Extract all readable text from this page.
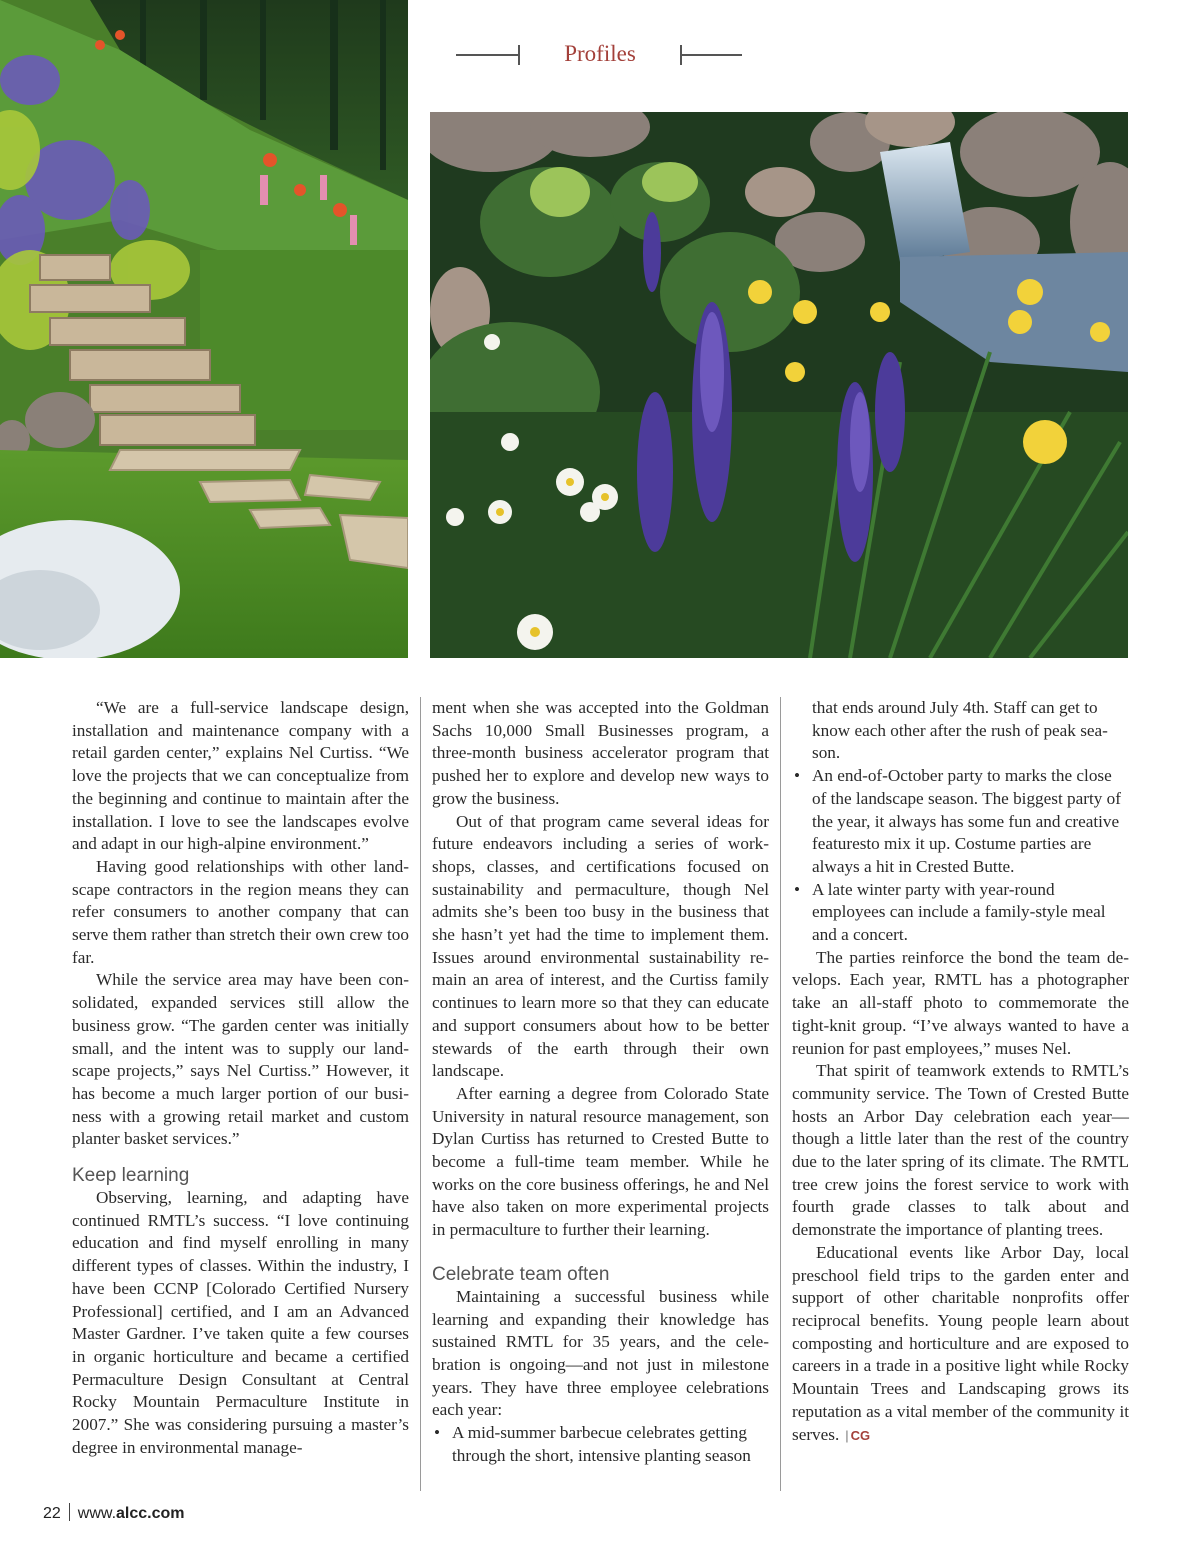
Profiles

“We are a full-service landscape design, installation and maintenance company with a retail garden center,” explains Nel Curtiss. “We love the projects that we can conceptualize from the beginning and continue to maintain after the installation. I love to see the landscapes evolve and adapt in our high-alpine environment.”

Having good relationships with other landscape contractors in the region means they can refer consumers to another company that can serve them rather than stretch their own crew too far.

While the service area may have been consolidated, expanded services still allow the business grow. “The garden center was initially small, and the intent was to supply our landscape projects,” says Nel Curtiss.” However, it has become a much larger portion of our business with a growing retail market and custom planter basket services.”

Keep learning

Observing, learning, and adapting have continued RMTL’s success. “I love continuing education and find myself enrolling in many different types of classes. Within the industry, I have been CCNP [Colorado Certified Nursery Professional] certified, and I am an Advanced Master Gardner. I’ve taken quite a few courses in organic horticulture and became a certified Permaculture Design Consultant at Central Rocky Mountain Permaculture Institute in 2007.” She was considering pursuing a master’s degree in environmental manage-

ment when she was accepted into the Goldman Sachs 10,000 Small Businesses program, a three-month business accelerator program that pushed her to explore and develop new ways to grow the business.

Out of that program came several ideas for future endeavors including a series of workshops, classes, and certifications focused on sustainability and permaculture, though Nel admits she’s been too busy in the business that she hasn’t yet had the time to implement them. Issues around environmental sustainability remain an area of interest, and the Curtiss family continues to learn more so that they can educate and support consumers about how to be better stewards of the earth through their own landscape.

After earning a degree from Colorado State University in natural resource management, son Dylan Curtiss has returned to Crested Butte to become a full-time team member. While he works on the core business offerings, he and Nel have also taken on more experimental projects in permaculture to further their learning.

Celebrate team often

Maintaining a successful business while learning and expanding their knowledge has sustained RMTL for 35 years, and the celebration is ongoing—and not just in milestone years. They have three employee celebrations each year:

• A mid-summer barbecue celebrates getting through the short, intensive planting season
that ends around July 4th. Staff can get to know each other after the rush of peak season.
• An end-of-October party to marks the close of the landscape season. The biggest party of the year, it always has some fun and creative featuresto mix it up. Costume parties are always a hit in Crested Butte.
• A late winter party with year-round employees can include a family-style meal and a concert.

The parties reinforce the bond the team develops. Each year, RMTL has a photographer take an all-staff photo to commemorate the tight-knit group. “I’ve always wanted to have a reunion for past employees,” muses Nel.

That spirit of teamwork extends to RMTL’s community service. The Town of Crested Butte hosts an Arbor Day celebration each year—though a little later than the rest of the country due to the later spring of its climate. The RMTL tree crew joins the forest service to work with fourth grade classes to talk about and demonstrate the importance of planting trees.

Educational events like Arbor Day, local preschool field trips to the garden enter and support of other charitable nonprofits offer reciprocal benefits. Young people learn about composting and horticulture and are exposed to careers in a trade in a positive light while Rocky Mountain Trees and Landscaping grows its reputation as a vital member of the community it serves. | CG

22 www.alcc.com
